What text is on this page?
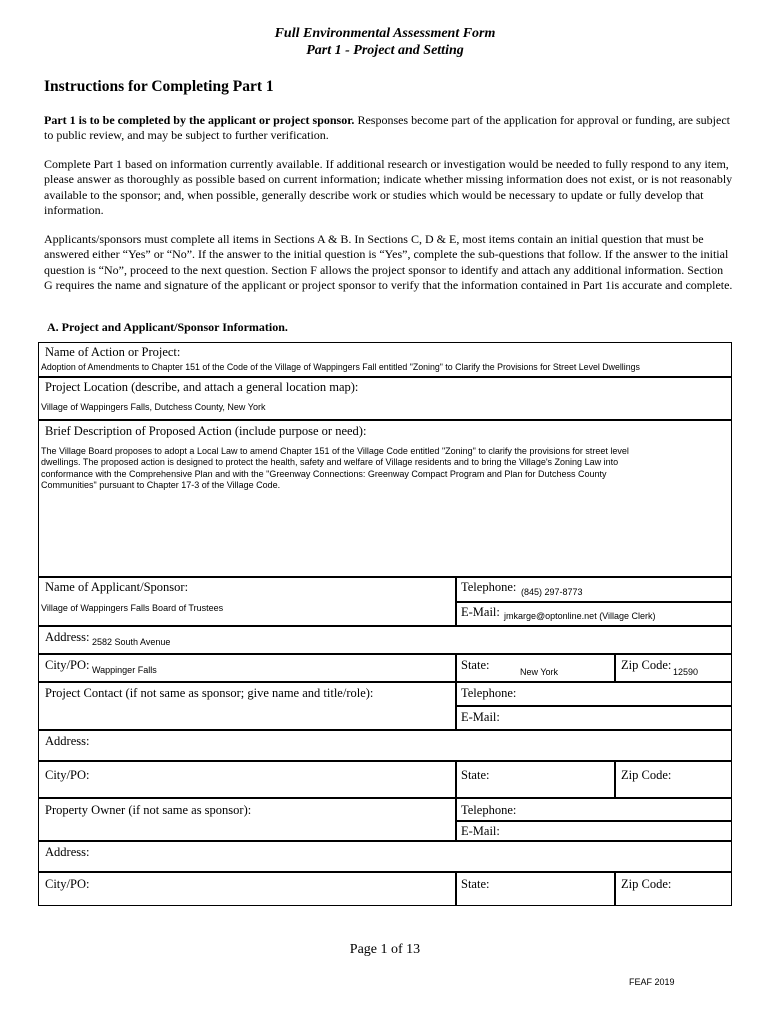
Full Environmental Assessment Form
Part 1 - Project and Setting
Instructions for Completing Part 1
Part 1 is to be completed by the applicant or project sponsor. Responses become part of the application for approval or funding, are subject to public review, and may be subject to further verification.
Complete Part 1 based on information currently available. If additional research or investigation would be needed to fully respond to any item, please answer as thoroughly as possible based on current information; indicate whether missing information does not exist, or is not reasonably available to the sponsor; and, when possible, generally describe work or studies which would be necessary to update or fully develop that information.
Applicants/sponsors must complete all items in Sections A & B. In Sections C, D & E, most items contain an initial question that must be answered either “Yes” or “No”. If the answer to the initial question is “Yes”, complete the sub-questions that follow. If the answer to the initial question is “No”, proceed to the next question. Section F allows the project sponsor to identify and attach any additional information. Section G requires the name and signature of the applicant or project sponsor to verify that the information contained in Part 1is accurate and complete.
A. Project and Applicant/Sponsor Information.
Name of Action or Project:
Adoption of Amendments to Chapter 151 of the Code of the Village of Wappingers Fall entitled "Zoning" to Clarify the Provisions for Street Level Dwellings
Project Location (describe, and attach a general location map):
Village of Wappingers Falls, Dutchess County, New York
Brief Description of Proposed Action (include purpose or need):
The Village Board proposes to adopt a Local Law to amend Chapter 151 of the Village Code entitled "Zoning" to clarify the provisions for street level
dwellings. The proposed action is designed to protect the health, safety and welfare of Village residents and to bring the Village's Zoning Law into
conformance with the Comprehensive Plan and with the "Greenway Connections: Greenway Compact Program and Plan for Dutchess County
Communities" pursuant to Chapter 17-3 of the Village Code.
Name of Applicant/Sponsor:
Village of Wappingers Falls Board of Trustees
Telephone: (845) 297-8773
E-Mail: jmkarge@optonline.net (Village Clerk)
Address: 2582 South Avenue
City/PO: Wappinger Falls	State:	New York	Zip Code: 12590
Project Contact (if not same as sponsor; give name and title/role):	Telephone:
E-Mail:
Address:
City/PO:	State:	Zip Code:
Property Owner (if not same as sponsor):	Telephone:
E-Mail:
Address:
City/PO:	State:	Zip Code:
Page 1 of 13
FEAF 2019
